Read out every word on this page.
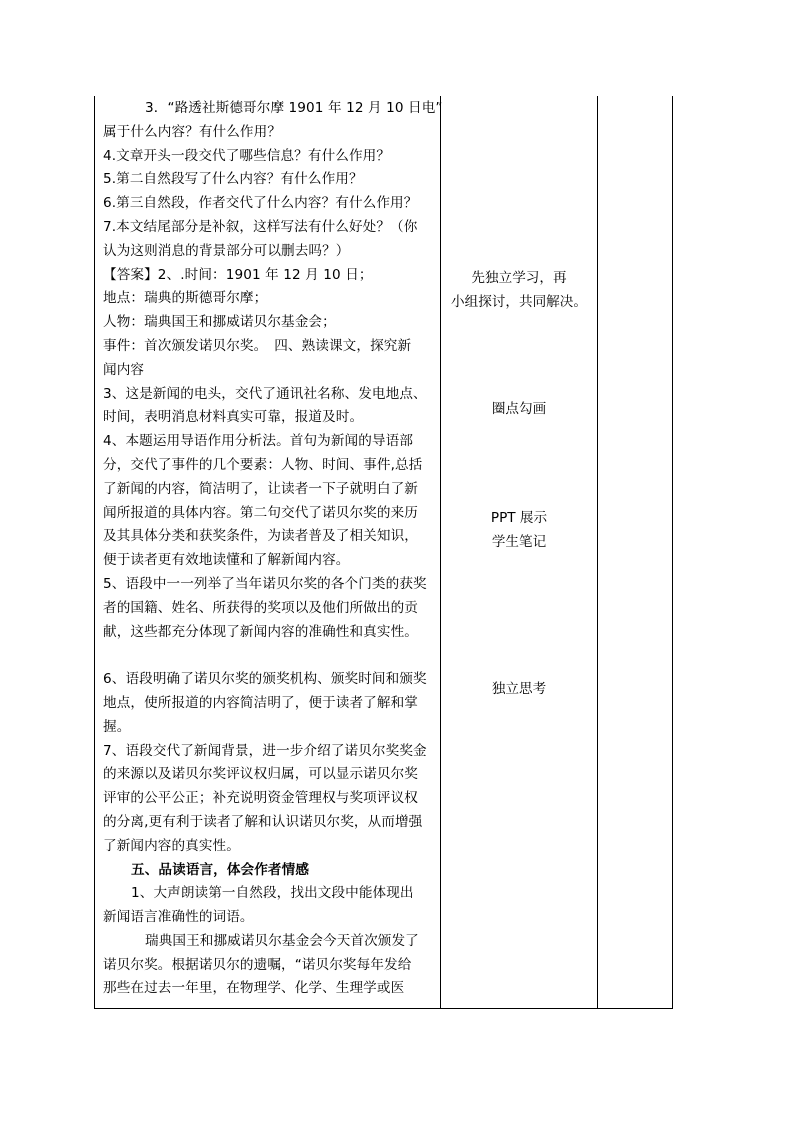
3．“路透社斯德哥尔摩 1901 年 12 月 10 日电”
属于什么内容？有什么作用？
4.文章开头一段交代了哪些信息？有什么作用？
5.第二自然段写了什么内容？有什么作用？
6.第三自然段，作者交代了什么内容？有什么作用？
7.本文结尾部分是补叙，这样写法有什么好处？（你
认为这则消息的背景部分可以删去吗？）
【答案】2、.时间：1901 年 12 月 10 日；
地点：瑞典的斯德哥尔摩；
人物：瑞典国王和挪威诺贝尔基金会；
事件：首次颁发诺贝尔奖。　四、熟读课文，探究新
闻内容
3、这是新闻的电头，交代了通讯社名称、发电地点、
时间，表明消息材料真实可靠，报道及时。
4、本题运用导语作用分析法。首句为新闻的导语部
分，交代了事件的几个要素：人物、时间、事件,总括
了新闻的内容，简洁明了，让读者一下子就明白了新
闻所报道的具体内容。第二句交代了诺贝尔奖的来历
及其具体分类和获奖条件，为读者普及了相关知识，
便于读者更有效地读懂和了解新闻内容。
5、语段中一一列举了当年诺贝尔奖的各个门类的获奖
者的国籍、姓名、所获得的奖项以及他们所做出的贡
献，这些都充分体现了新闻内容的准确性和真实性。
6、语段明确了诺贝尔奖的颁奖机构、颁奖时间和颁奖
地点，使所报道的内容简洁明了，便于读者了解和掌
握。
7、语段交代了新闻背景，进一步介绍了诺贝尔奖奖金
的来源以及诺贝尔奖评议权归属，可以显示诺贝尔奖
评审的公平公正；补充说明资金管理权与奖项评议权
的分离,更有利于读者了解和认识诺贝尔奖，从而增强
了新闻内容的真实性。
五、品读语言，体会作者情感
1、大声朗读第一自然段，找出文段中能体现出
新闻语言准确性的词语。
瑞典国王和挪威诺贝尔基金会今天首次颁发了
诺贝尔奖。根据诺贝尔的遗嘱，“诺贝尔奖每年发给
那些在过去一年里，在物理学、化学、生理学或医
先独立学习，再
小组探讨，共同解决。
圈点勾画
PPT 展示
学生笔记
独立思考
